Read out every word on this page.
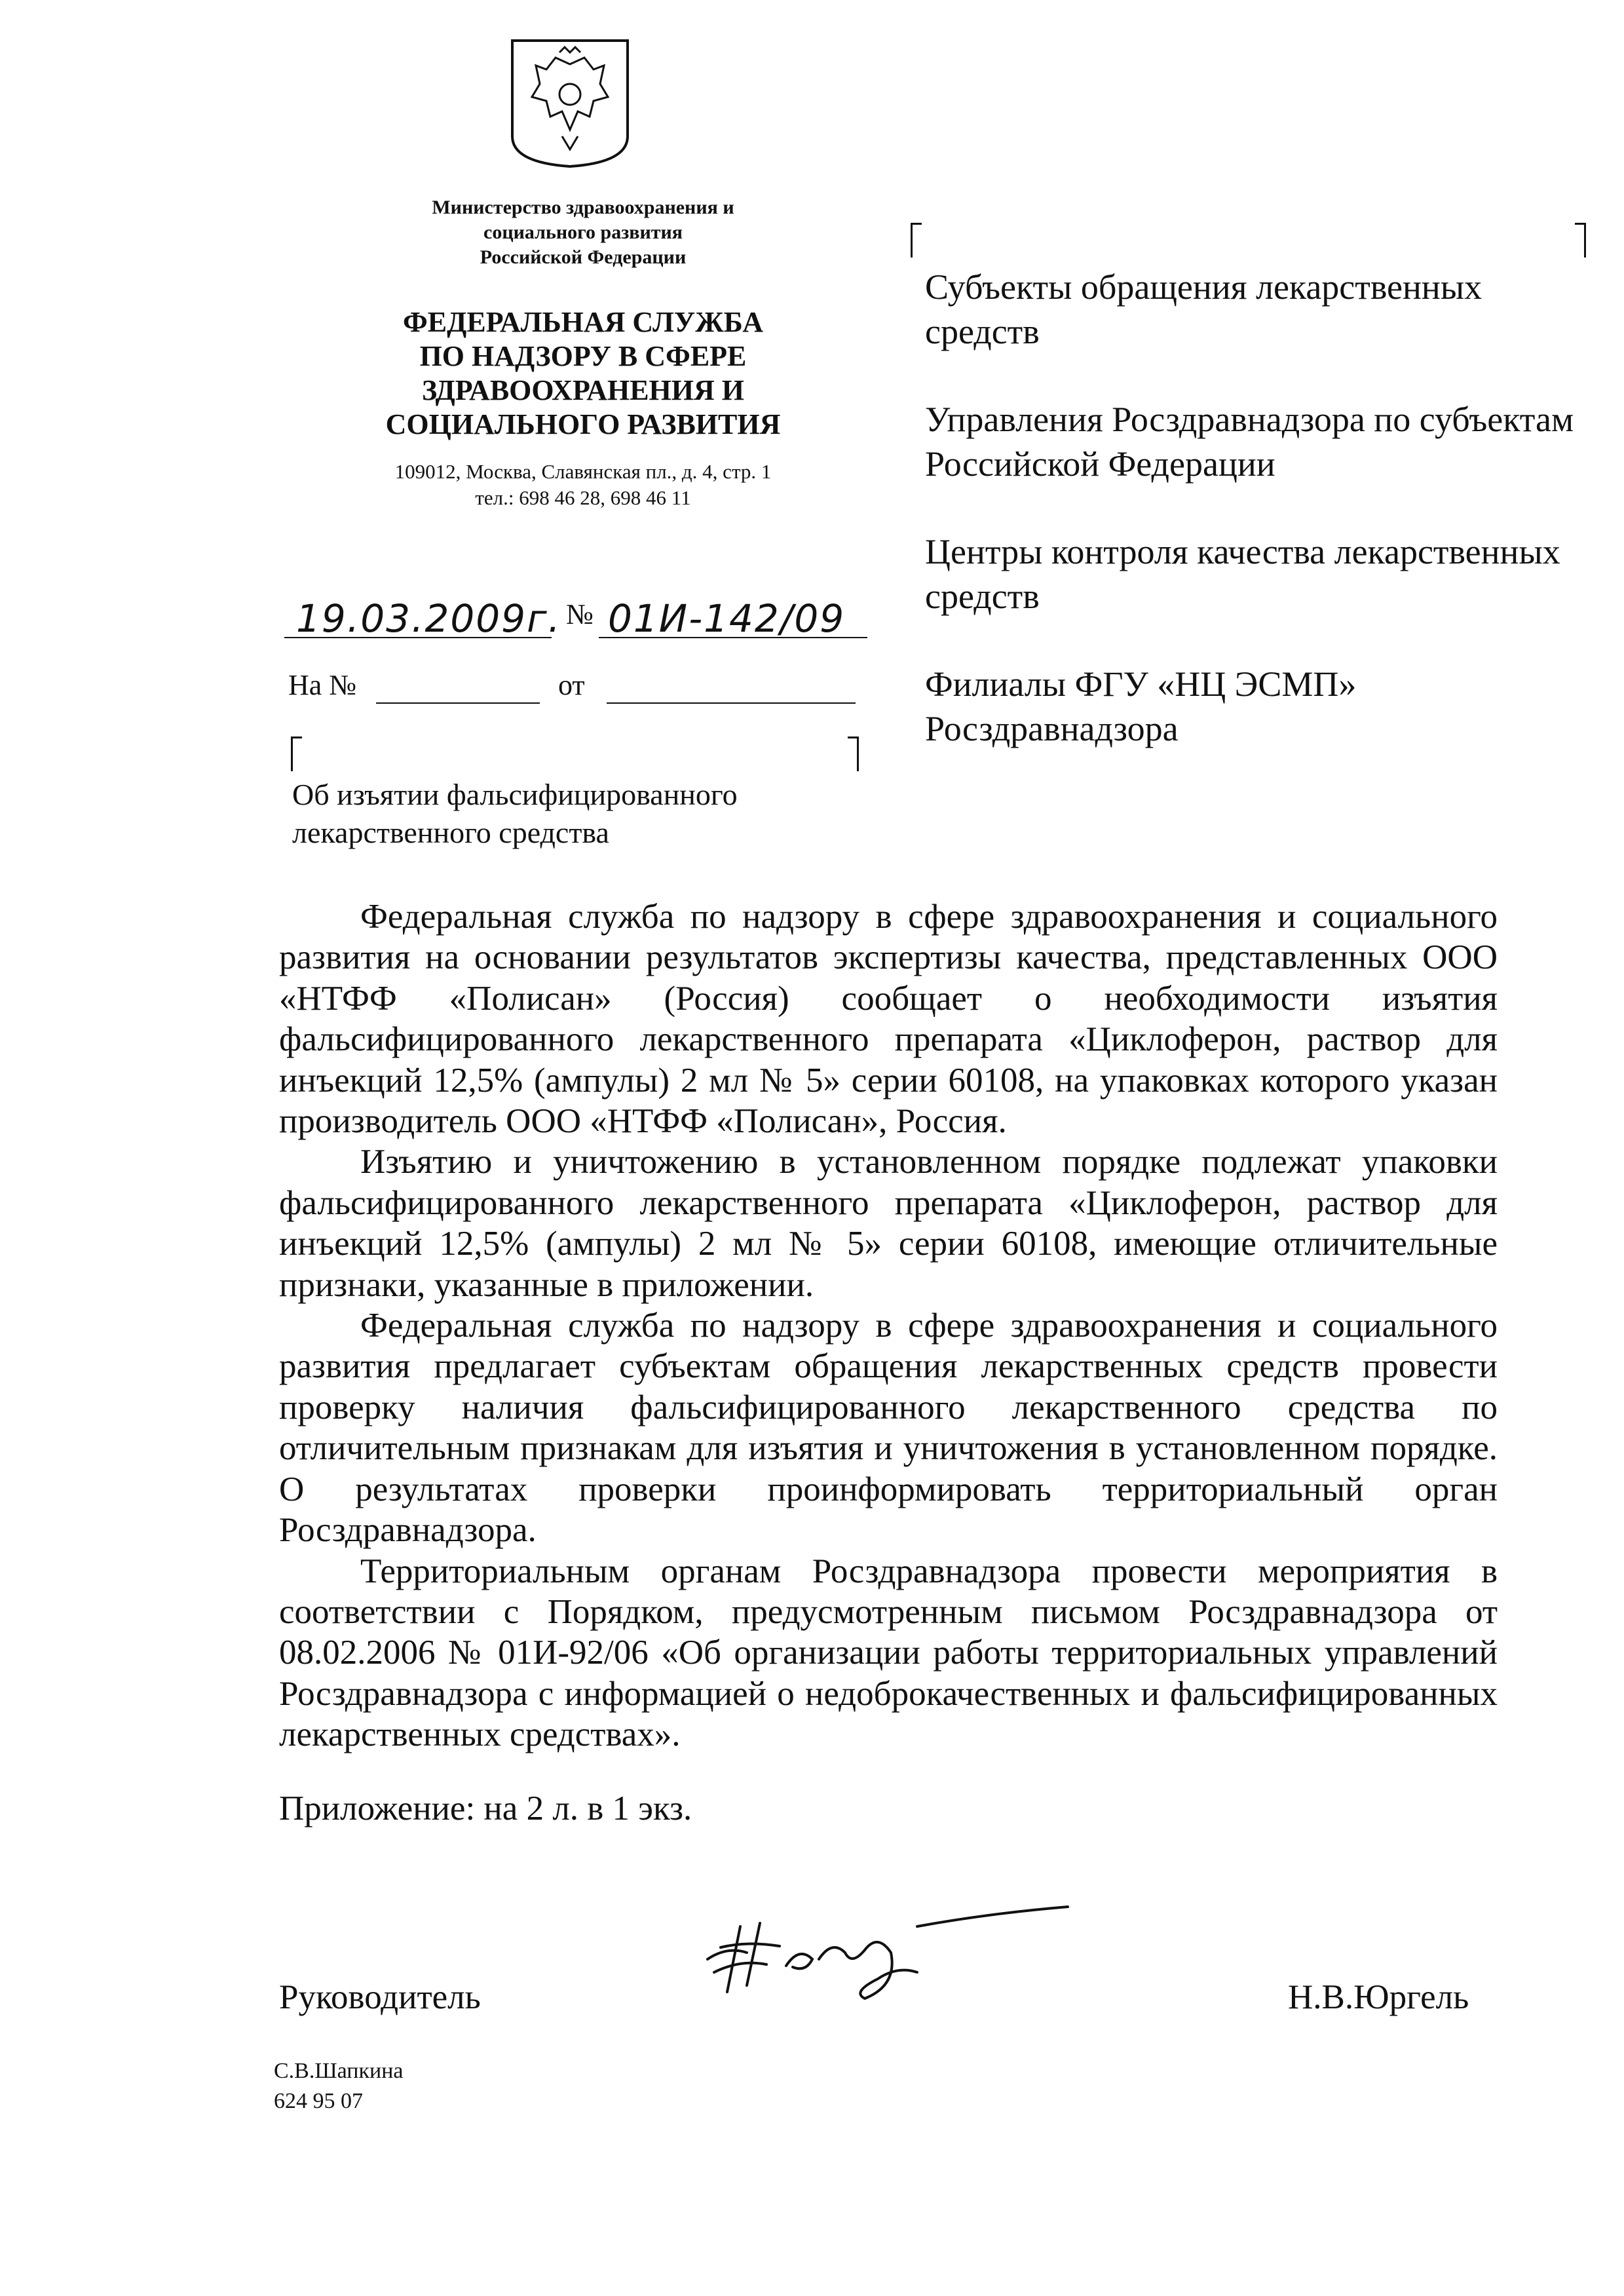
Министерство здравоохранения и
социального развития
Российской Федерации
ФЕДЕРАЛЬНАЯ СЛУЖБА
ПО НАДЗОРУ В СФЕРЕ
ЗДРАВООХРАНЕНИЯ И
СОЦИАЛЬНОГО РАЗВИТИЯ
109012, Москва, Славянская пл., д. 4, стр. 1
тел.: 698 46 28, 698 46 11
19.03.2009г. № 01И-142/09
На №	от
Об изъятии фальсифицированного
лекарственного средства

Субъекты обращения лекарственных средств

Управления Росздравнадзора по субъектам Российской Федерации

Центры контроля качества лекарственных средств

Филиалы ФГУ «НЦ ЭСМП» Росздравнадзора

Федеральная служба по надзору в сфере здравоохранения и социального развития на основании результатов экспертизы качества, представленных ООО «НТФФ «Полисан» (Россия) сообщает о необходимости изъятия фальсифицированного лекарственного препарата «Циклоферон, раствор для инъекций 12,5% (ампулы) 2 мл № 5» серии 60108, на упаковках которого указан производитель ООО «НТФФ «Полисан», Россия.

Изъятию и уничтожению в установленном порядке подлежат упаковки фальсифицированного лекарственного препарата «Циклоферон, раствор для инъекций 12,5% (ампулы) 2 мл № 5» серии 60108, имеющие отличительные признаки, указанные в приложении.

Федеральная служба по надзору в сфере здравоохранения и социального развития предлагает субъектам обращения лекарственных средств провести проверку наличия фальсифицированного лекарственного средства по отличительным признакам для изъятия и уничтожения в установленном порядке. О результатах проверки проинформировать территориальный орган Росздравнадзора.

Территориальным органам Росздравнадзора провести мероприятия в соответствии с Порядком, предусмотренным письмом Росздравнадзора от 08.02.2006 № 01И-92/06 «Об организации работы территориальных управлений Росздравнадзора с информацией о недоброкачественных и фальсифицированных лекарственных средствах».

Приложение: на 2 л. в 1 экз.
Руководитель	Н.В.Юргель
С.В.Шапкина
624 95 07
